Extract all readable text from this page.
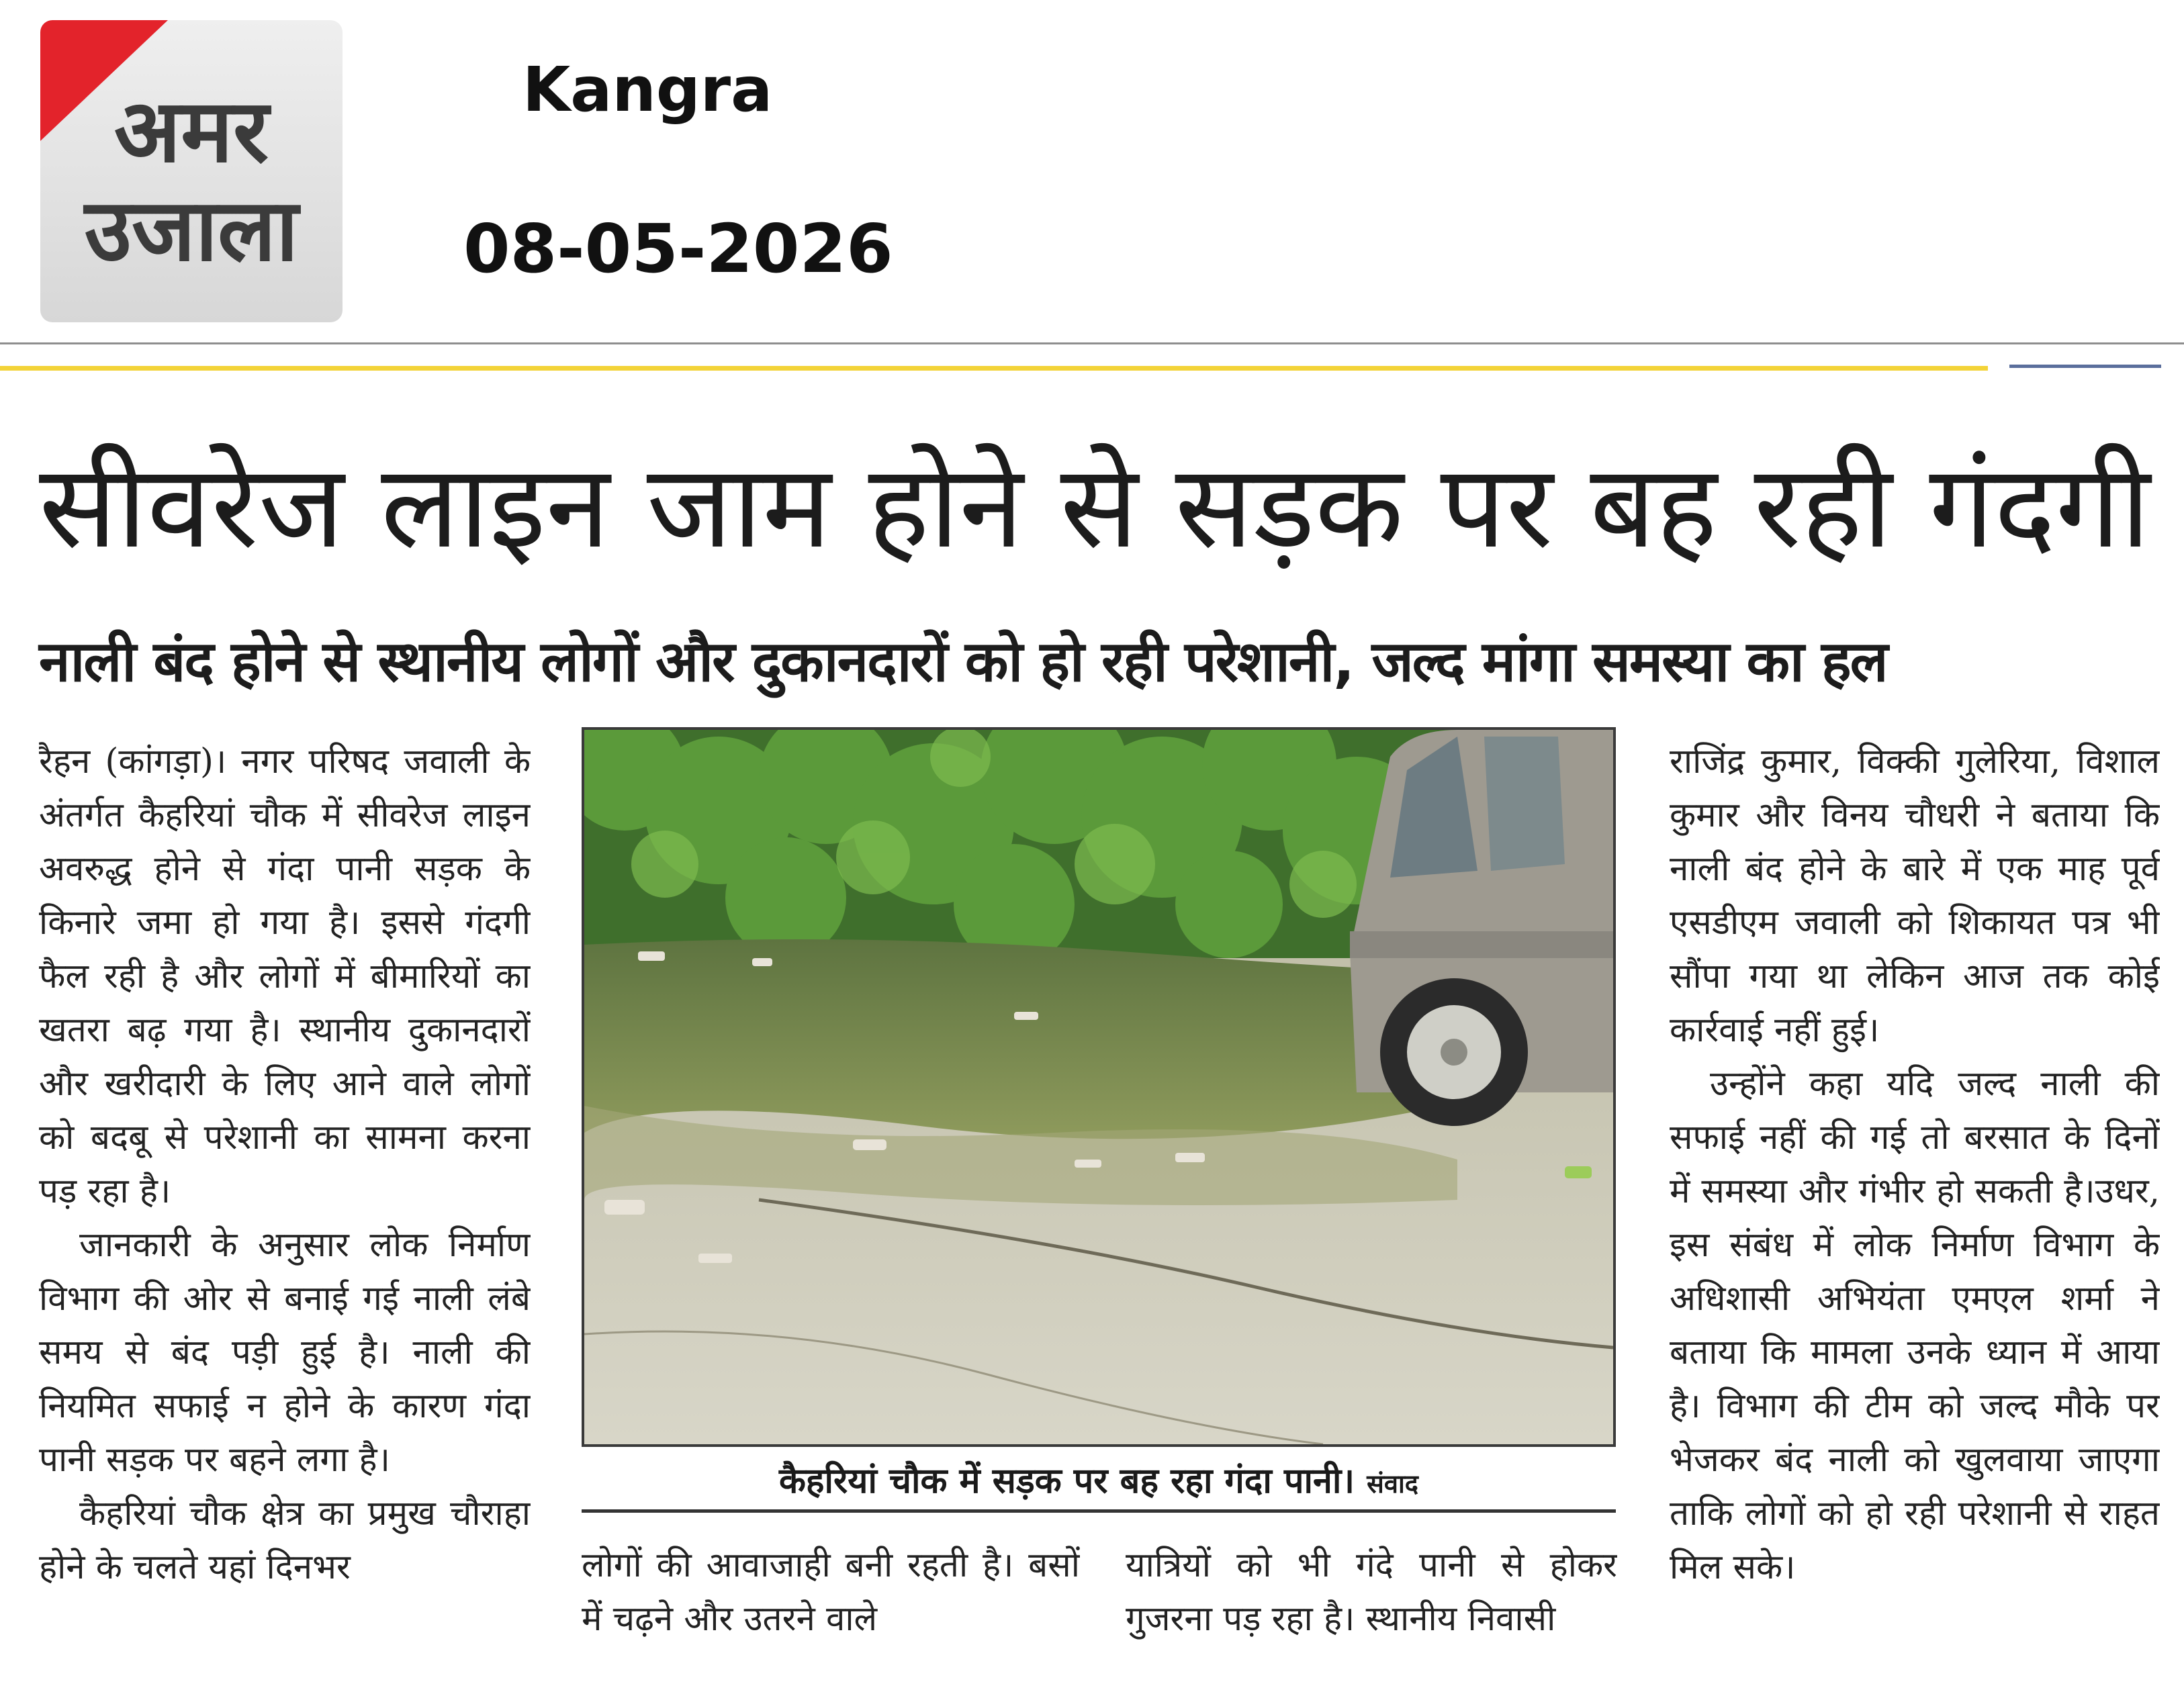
अमर
उजाला
Kangra
08-05-2026
सीवरेज लाइन जाम होने से सड़क पर बह रही गंदगी
नाली बंद होने से स्थानीय लोगों और दुकानदारों को हो रही परेशानी, जल्द मांगा समस्या का हल

रैहन (कांगड़ा)। नगर परिषद जवाली के अंतर्गत कैहरियां चौक में सीवरेज लाइन अवरुद्ध होने से गंदा पानी सड़क के किनारे जमा हो गया है। इससे गंदगी फैल रही है और लोगों में बीमारियों का खतरा बढ़ गया है। स्थानीय दुकानदारों और खरीदारी के लिए आने वाले लोगों को बदबू से परेशानी का सामना करना पड़ रहा है।

जानकारी के अनुसार लोक निर्माण विभाग की ओर से बनाई गई नाली लंबे समय से बंद पड़ी हुई है। नाली की नियमित सफाई न होने के कारण गंदा पानी सड़क पर बहने लगा है।

कैहरियां चौक क्षेत्र का प्रमुख चौराहा होने के चलते यहां दिनभर

कैहरियां चौक में सड़क पर बह रहा गंदा पानी। संवाद

लोगों की आवाजाही बनी रहती है। बसों में चढ़ने और उतरने वाले

यात्रियों को भी गंदे पानी से होकर गुजरना पड़ रहा है। स्थानीय निवासी

राजिंद्र कुमार, विक्की गुलेरिया, विशाल कुमार और विनय चौधरी ने बताया कि नाली बंद होने के बारे में एक माह पूर्व एसडीएम जवाली को शिकायत पत्र भी सौंपा गया था लेकिन आज तक कोई कार्रवाई नहीं हुई।

उन्होंने कहा यदि जल्द नाली की सफाई नहीं की गई तो बरसात के दिनों में समस्या और गंभीर हो सकती है।उधर, इस संबंध में लोक निर्माण विभाग के अधिशासी अभियंता एमएल शर्मा ने बताया कि मामला उनके ध्यान में आया है। विभाग की टीम को जल्द मौके पर भेजकर बंद नाली को खुलवाया जाएगा ताकि लोगों को हो रही परेशानी से राहत मिल सके।
